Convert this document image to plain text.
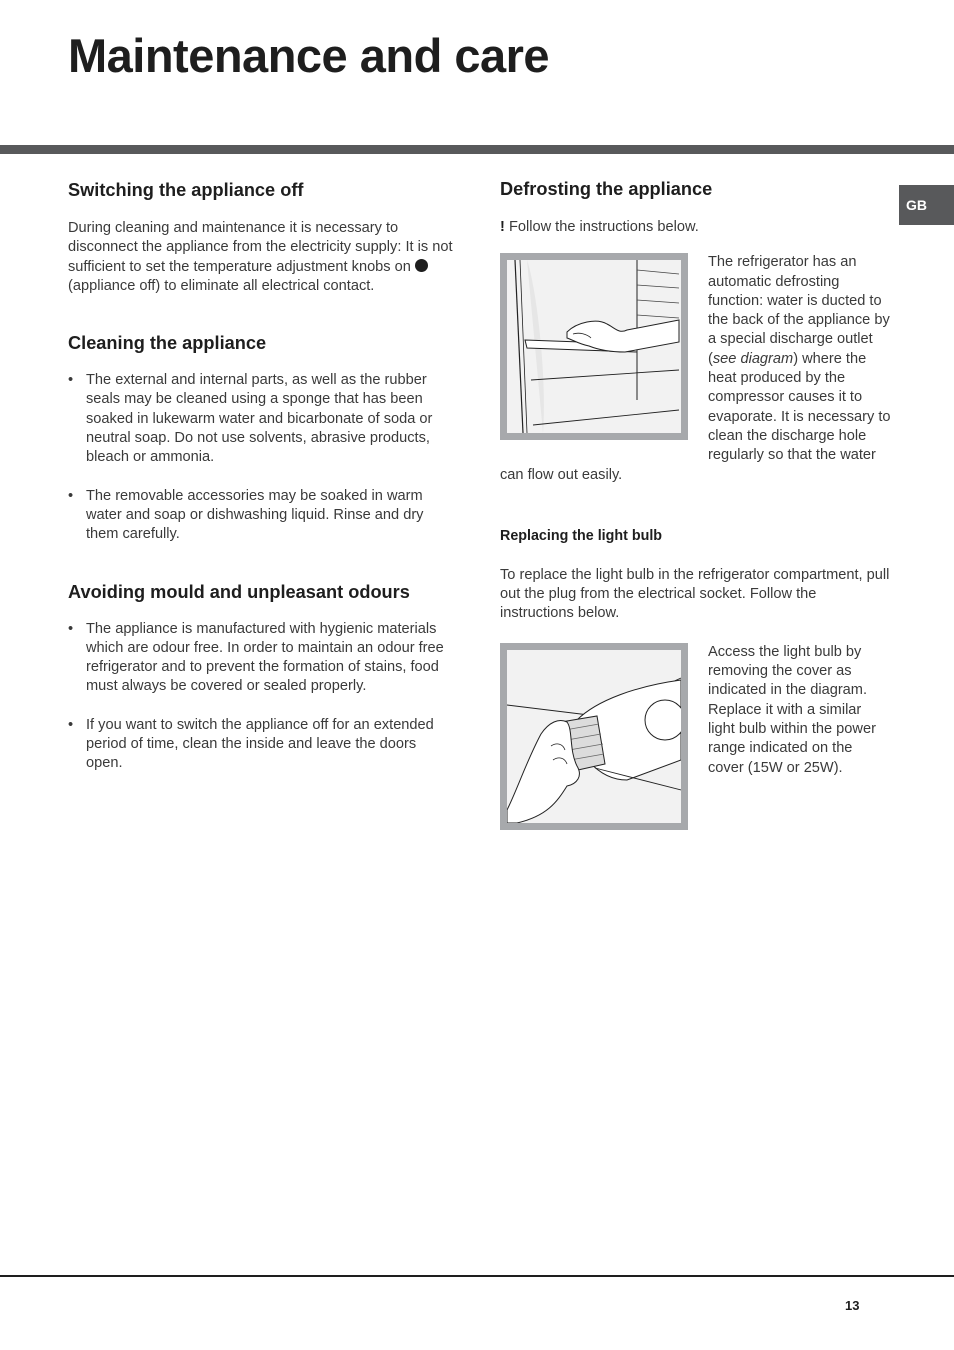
Maintenance and care
GB
Switching the appliance off

During cleaning and maintenance it is necessary to disconnect the appliance from the electricity supply: It is not sufficient to set the temperature adjustment knobs on  (appliance off) to eliminate all electrical contact.

Cleaning the appliance
• The external and internal parts, as well as the rubber seals may be cleaned using a sponge that has been soaked in lukewarm water and bicarbonate of soda or neutral soap. Do not use solvents, abrasive products, bleach or ammonia.
• The removable accessories may be soaked in warm water and soap or dishwashing liquid. Rinse and dry them carefully.
Avoiding mould and unpleasant odours
• The appliance is manufactured with hygienic materials which are odour free. In order to maintain an odour free refrigerator and to prevent the formation of stains, food must always be covered or sealed properly.
• If you want to switch the appliance off for an extended period of time, clean the inside and leave the doors open.
Defrosting the appliance

! Follow the instructions below.

The refrigerator has an automatic defrosting function: water is ducted to the back of the appliance by a special discharge outlet (see diagram) where the heat produced by the compressor causes it to evaporate. It is necessary to clean the discharge hole regularly so that the water can flow out easily.

Replacing the light bulb

To replace the light bulb in the refrigerator compartment, pull out the plug from the electrical socket. Follow the instructions below.

Access the light bulb by removing the cover as indicated in the diagram. Replace it with a similar light bulb within the power range indicated on the cover (15W or 25W).

13
